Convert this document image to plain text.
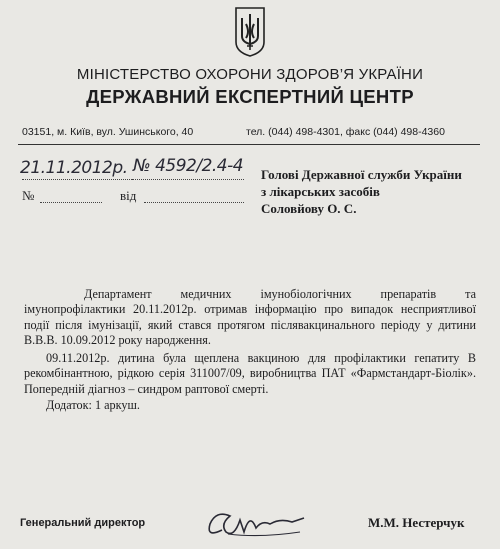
МІНІСТЕРСТВО ОХОРОНИ ЗДОРОВ’Я УКРАЇНИ
ДЕРЖАВНИЙ ЕКСПЕРТНИЙ ЦЕНТР
03151, м. Київ, вул. Ушинського, 40	тел. (044) 498-4301, факс (044) 498-4360
21.11.2012р. № 4592/2.4-4
№	від
Голові Державної служби України
з лікарських засобів
Соловйову О. С.
Департамент медичних імунобіологічних препаратів та імунопрофілактики 20.11.2012р. отримав інформацію про випадок несприятливої події після імунізації, який стався протягом післявакцинального періоду у дитини В.В.В. 10.09.2012 року народження.
09.11.2012р. дитина була щеплена вакциною для профілактики гепатиту В рекомбінантною, рідкою серія 311007/09, виробництва ПАТ «Фармстандарт-Біолік». Попередній діагноз – синдром раптової смерті.
Додаток: 1 аркуш.
Генеральний директор	М.М. Нестерчук
